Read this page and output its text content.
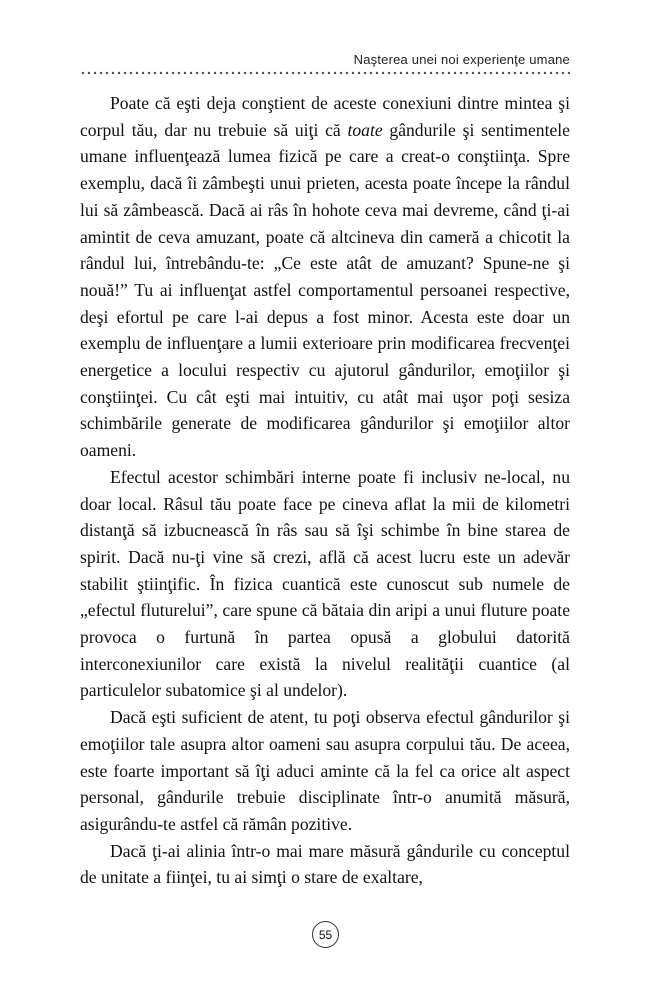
Naşterea unei noi experienţe umane

Poate că eşti deja conştient de aceste conexiuni dintre mintea şi corpul tău, dar nu trebuie să uiţi că toate gândurile şi sentimentele umane influenţează lumea fizică pe care a creat-o conştiinţa. Spre exemplu, dacă îi zâmbeşti unui prieten, acesta poate începe la rândul lui să zâmbească. Dacă ai râs în hohote ceva mai devreme, când ţi-ai amintit de ceva amuzant, poate că altcineva din cameră a chicotit la rândul lui, întrebându-te: „Ce este atât de amuzant? Spune-ne şi nouă!” Tu ai influenţat astfel comportamentul persoanei respective, deşi efortul pe care l-ai depus a fost minor. Acesta este doar un exemplu de influenţare a lumii exterioare prin modificarea frecvenţei energetice a locului respectiv cu ajutorul gândurilor, emoţiilor şi conştiinţei. Cu cât eşti mai intuitiv, cu atât mai uşor poţi sesiza schimbările generate de modificarea gândurilor şi emoţiilor altor oameni.

Efectul acestor schimbări interne poate fi inclusiv ne-local, nu doar local. Râsul tău poate face pe cineva aflat la mii de kilometri distanţă să izbucnească în râs sau să îşi schimbe în bine starea de spirit. Dacă nu-ţi vine să crezi, află că acest lucru este un adevăr stabilit ştiinţific. În fizica cuantică este cunoscut sub numele de „efectul fluturelui”, care spune că bătaia din aripi a unui fluture poate provoca o furtună în partea opusă a globului datorită interconexiunilor care există la nivelul realităţii cuantice (al particulelor subatomice şi al undelor).

Dacă eşti suficient de atent, tu poţi observa efectul gândurilor şi emoţiilor tale asupra altor oameni sau asupra corpului tău. De aceea, este foarte important să îţi aduci aminte că la fel ca orice alt aspect personal, gândurile trebuie disciplinate într-o anumită măsură, asigurându-te astfel că rămân pozitive.

Dacă ţi-ai alinia într-o mai mare măsură gândurile cu conceptul de unitate a fiinţei, tu ai simţi o stare de exaltare,

55
